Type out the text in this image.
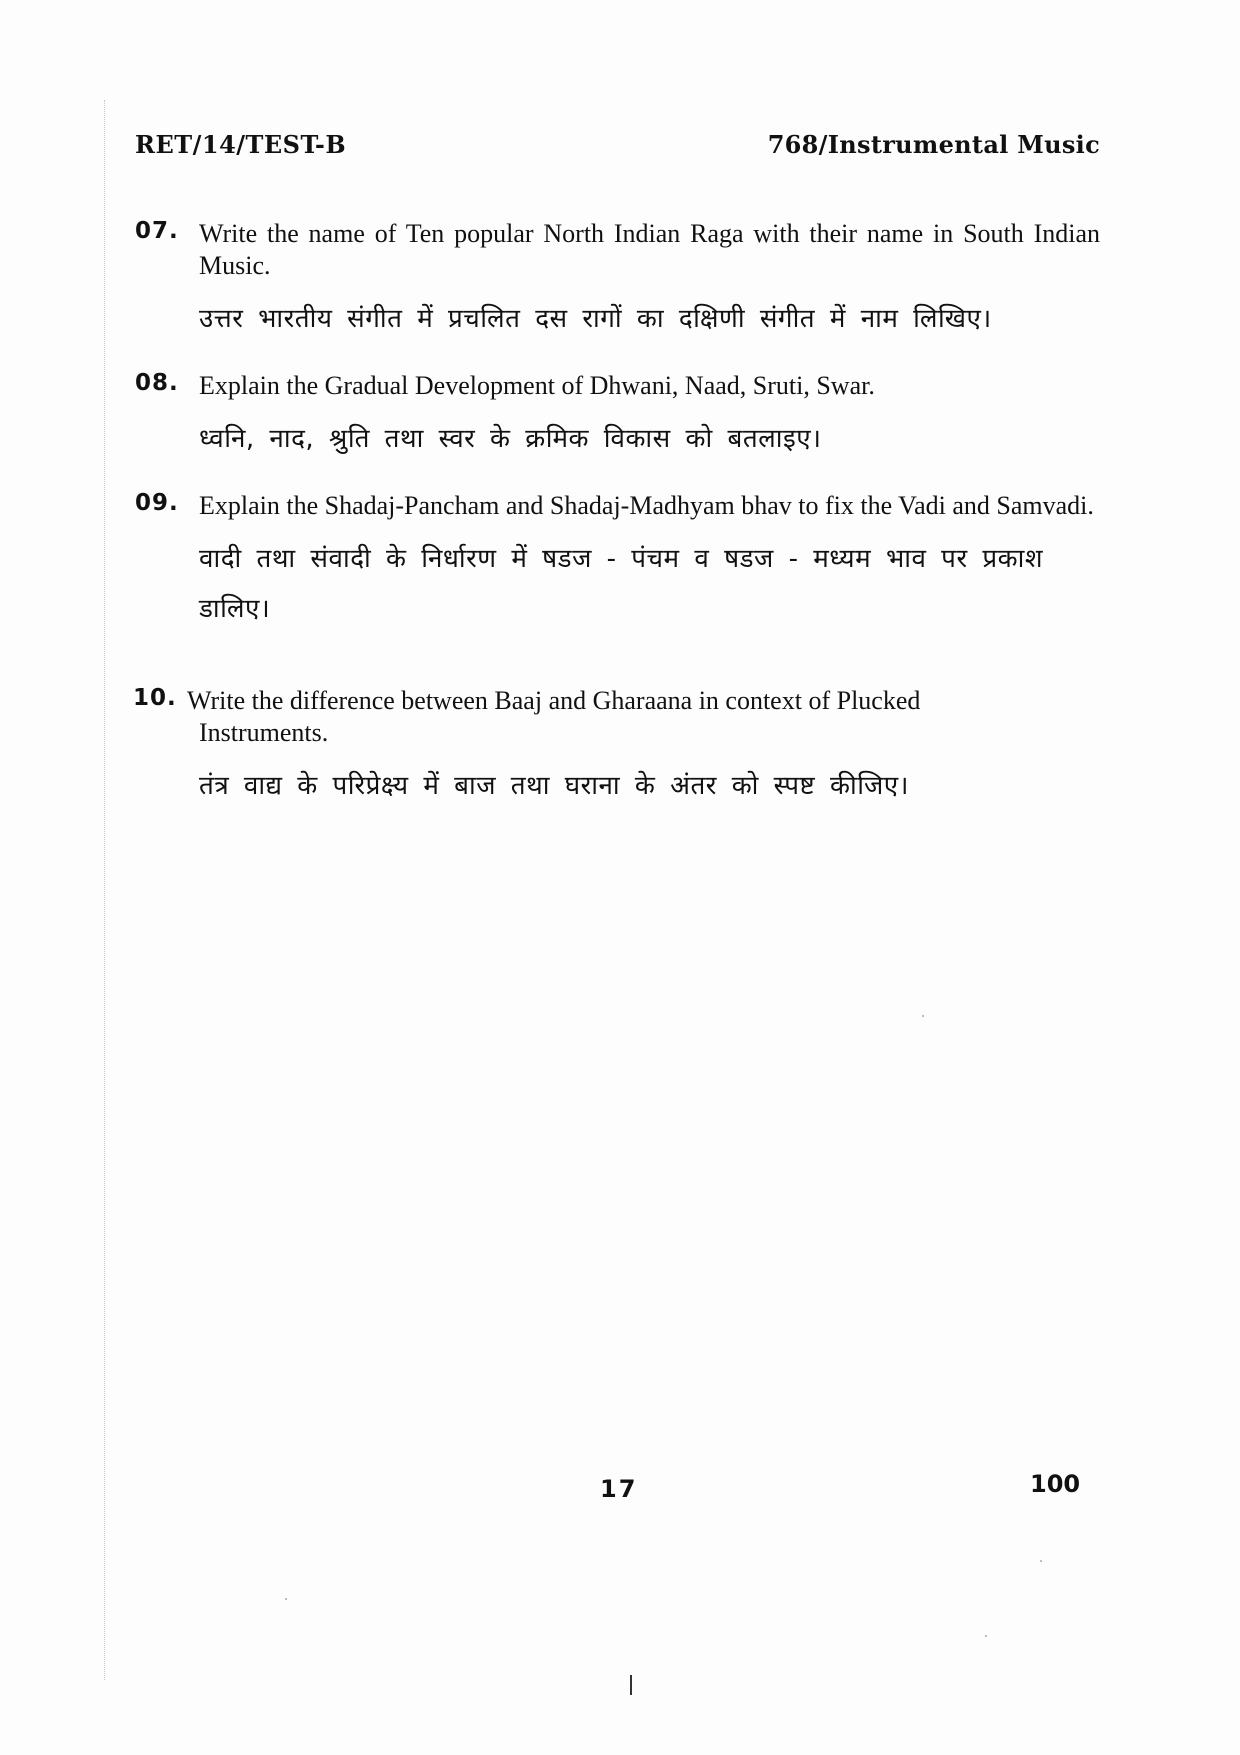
RET/14/TEST-B	768/Instrumental Music
07. Write the name of Ten popular North Indian Raga with their name in South Indian Music.
उत्तर भारतीय संगीत में प्रचलित दस रागों का दक्षिणी संगीत में नाम लिखिए।
08. Explain the Gradual Development of Dhwani, Naad, Sruti, Swar.
ध्वनि, नाद, श्रुति तथा स्वर के क्रमिक विकास को बतलाइए।
09. Explain the Shadaj-Pancham and Shadaj-Madhyam bhav to fix the Vadi and Samvadi.
वादी तथा संवादी के निर्धारण में षडज - पंचम व षडज - मध्यम भाव पर प्रकाश डालिए।
10. Write the difference between Baaj and Gharaana in context of Plucked
Instruments.
तंत्र वाद्य के परिप्रेक्ष्य में बाज तथा घराना के अंतर को स्पष्ट कीजिए।
17	100
